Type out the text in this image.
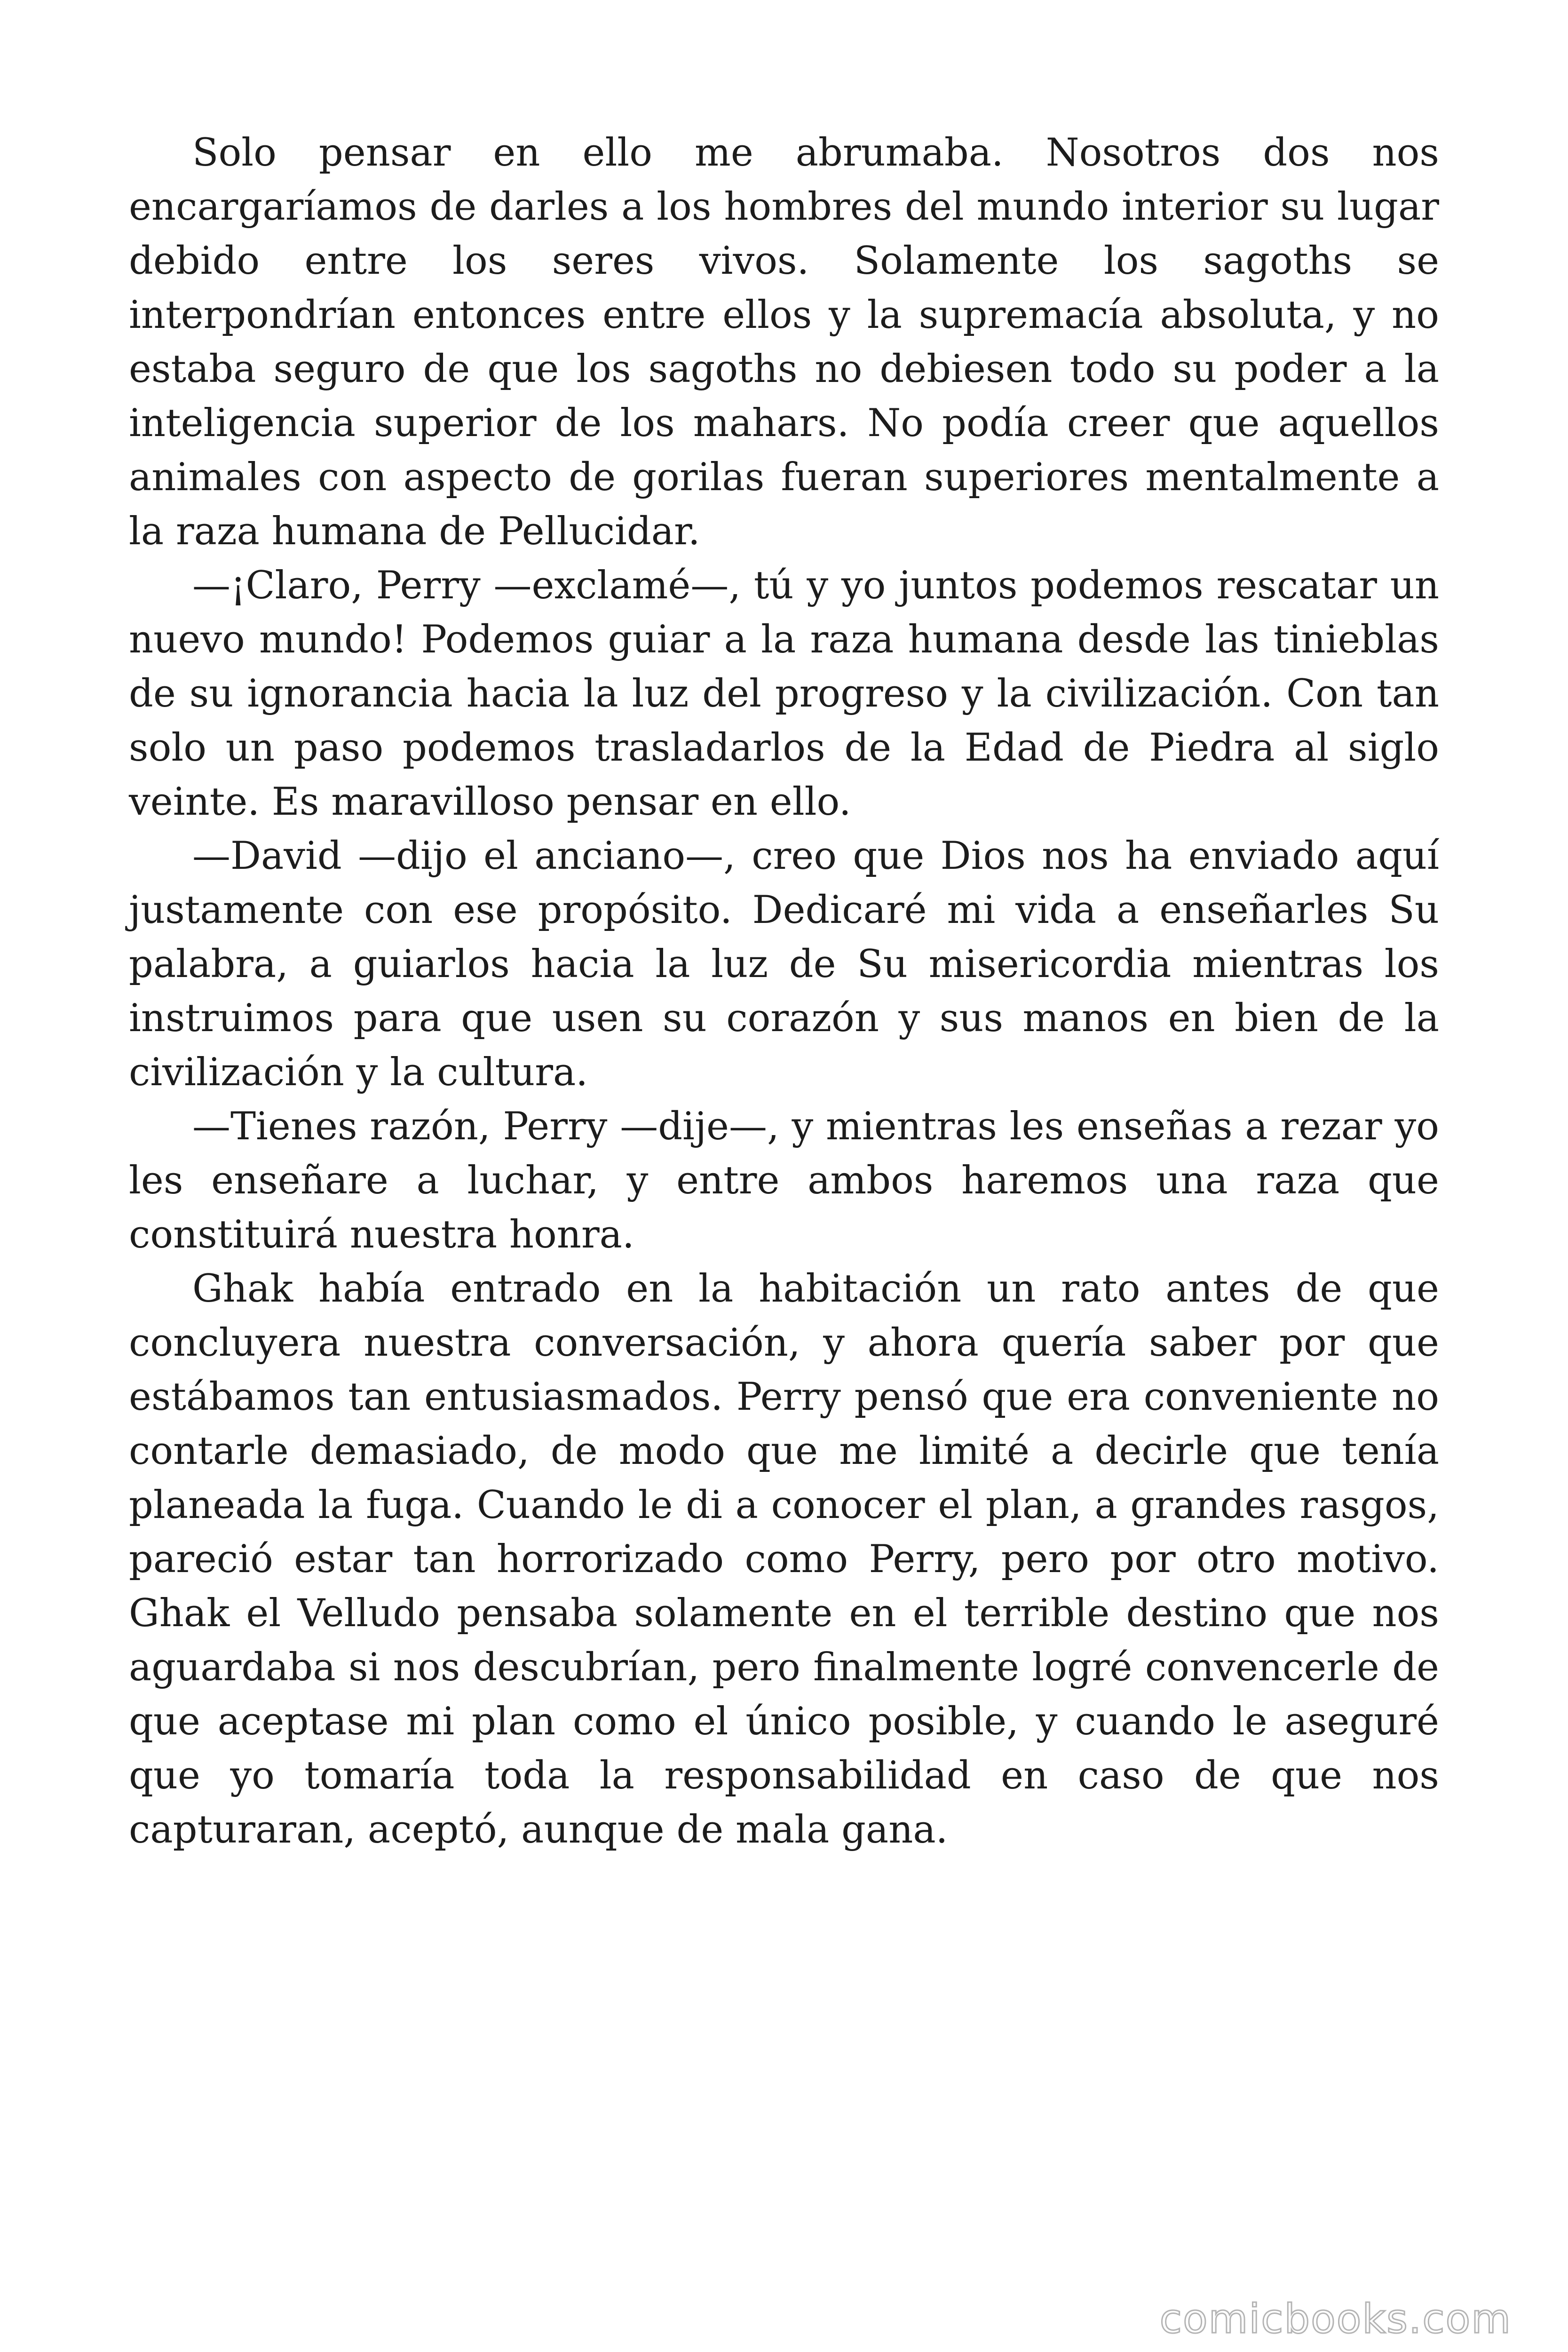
Solo pensar en ello me abrumaba. Nosotros dos nos encargaríamos de darles a los hombres del mundo interior su lugar debido entre los seres vivos. Solamente los sagoths se interpondrían entonces entre ellos y la supremacía absoluta, y no estaba seguro de que los sagoths no debiesen todo su poder a la inteligencia superior de los mahars. No podía creer que aquellos animales con aspecto de gorilas fueran superiores mentalmente a la raza humana de Pellucidar.

—¡Claro, Perry —exclamé—, tú y yo juntos podemos rescatar un nuevo mundo! Podemos guiar a la raza humana desde las tinieblas de su ignorancia hacia la luz del progreso y la civilización. Con tan solo un paso podemos trasladarlos de la Edad de Piedra al siglo veinte. Es maravilloso pensar en ello.

—David —dijo el anciano—, creo que Dios nos ha enviado aquí justamente con ese propósito. Dedicaré mi vida a enseñarles Su palabra, a guiarlos hacia la luz de Su misericordia mientras los instruimos para que usen su corazón y sus manos en bien de la civilización y la cultura.

—Tienes razón, Perry —dije—, y mientras les enseñas a rezar yo les enseñare a luchar, y entre ambos haremos una raza que constituirá nuestra honra.

Ghak había entrado en la habitación un rato antes de que concluyera nuestra conversación, y ahora quería saber por que estábamos tan entusiasmados. Perry pensó que era conveniente no contarle demasiado, de modo que me limité a decirle que tenía planeada la fuga. Cuando le di a conocer el plan, a grandes rasgos, pareció estar tan horrorizado como Perry, pero por otro motivo. Ghak el Velludo pensaba solamente en el terrible destino que nos aguardaba si nos descubrían, pero finalmente logré convencerle de que aceptase mi plan como el único posible, y cuando le aseguré que yo tomaría toda la responsabilidad en caso de que nos capturaran, aceptó, aunque de mala gana.

comicbooks.com
